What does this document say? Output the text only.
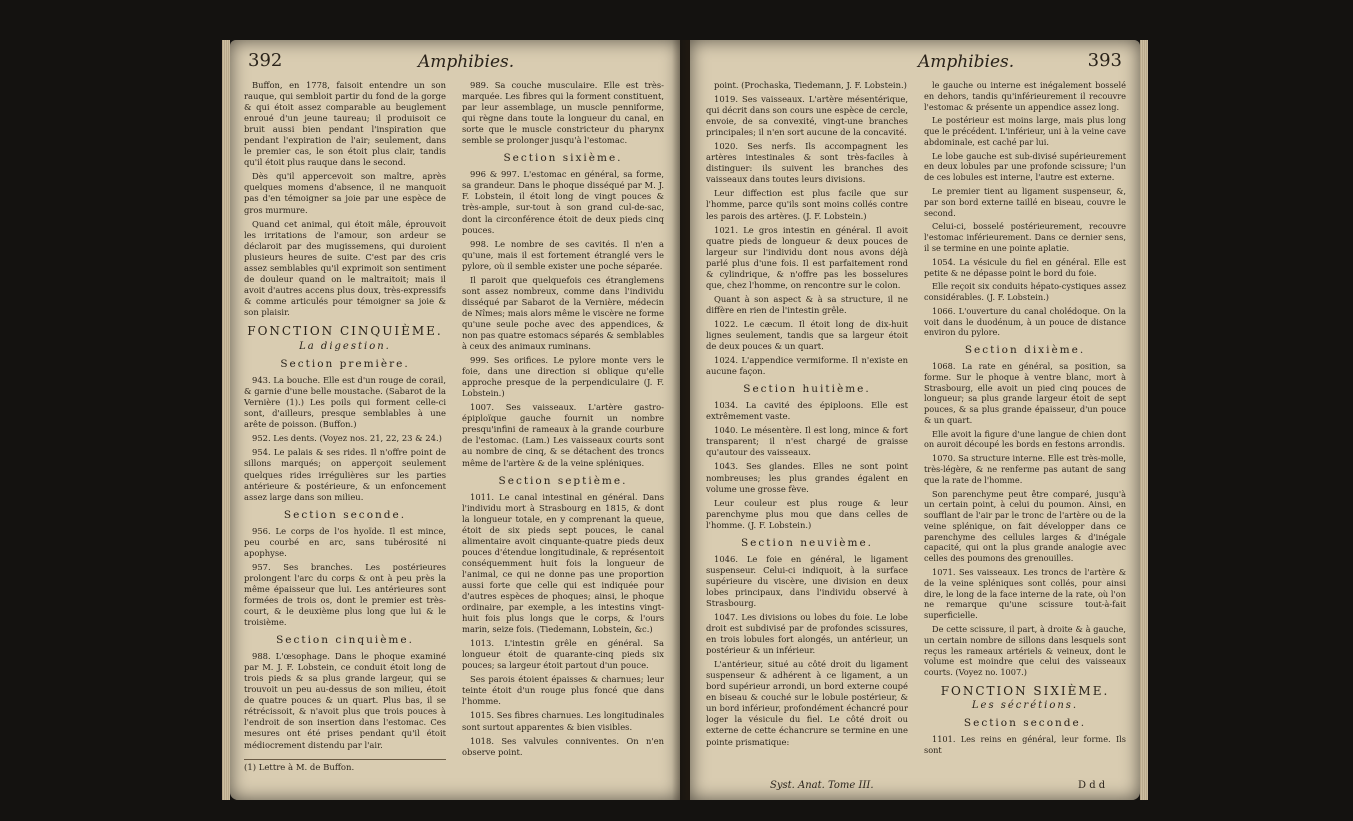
392	Amphibies.

Buffon, en 1778, faisoit entendre un son rauque, qui sembloit partir du fond de la gorge & qui étoit assez comparable au beuglement enroué d'un jeune taureau; il produisoit ce bruit aussi bien pendant l'inspiration que pendant l'expiration de l'air; seulement, dans le premier cas, le son étoit plus clair, tandis qu'il étoit plus rauque dans le second.

Dès qu'il appercevoit son maître, après quelques momens d'absence, il ne manquoit pas d'en témoigner sa joie par une espèce de gros murmure.

Quand cet animal, qui étoit mâle, éprouvoit les irritations de l'amour, son ardeur se déclaroit par des mugissemens, qui duroient plusieurs heures de suite. C'est par des cris assez semblables qu'il exprimoit son sentiment de douleur quand on le maltraitoit; mais il avoit d'autres accens plus doux, très-expressifs & comme articulés pour témoigner sa joie & son plaisir.

FONCTION CINQUIÈME.

La digestion.

Section première.

943. La bouche. Elle est d'un rouge de corail, & garnie d'une belle moustache. (Sabarot de la Vernière (1).) Les poils qui forment celle-ci sont, d'ailleurs, presque semblables à une arête de poisson. (Buffon.)

952. Les dents. (Voyez nos. 21, 22, 23 & 24.)

954. Le palais & ses rides. Il n'offre point de sillons marqués; on apperçoit seulement quelques rides irrégulières sur les parties antérieure & postérieure, & un enfoncement assez large dans son milieu.

Section seconde.

956. Le corps de l'os hyoïde. Il est mince, peu courbé en arc, sans tubérosité ni apophyse.

957. Ses branches. Les postérieures prolongent l'arc du corps & ont à peu près la même épaisseur que lui. Les antérieures sont formées de trois os, dont le premier est très-court, & le deuxième plus long que lui & le troisième.

Section cinquième.

988. L'œsophage. Dans le phoque examiné par M. J. F. Lobstein, ce conduit étoit long de trois pieds & sa plus grande largeur, qui se trouvoit un peu au-dessus de son milieu, étoit de quatre pouces & un quart. Plus bas, il se rétrécissoit, & n'avoit plus que trois pouces à l'endroit de son insertion dans l'estomac. Ces mesures ont été prises pendant qu'il étoit médiocrement distendu par l'air.

(1) Lettre à M. de Buffon.

989. Sa couche musculaire. Elle est très-marquée. Les fibres qui la forment constituent, par leur assemblage, un muscle penniforme, qui règne dans toute la longueur du canal, en sorte que le muscle constricteur du pharynx semble se prolonger jusqu'à l'estomac.

Section sixième.

996 & 997. L'estomac en général, sa forme, sa grandeur. Dans le phoque disséqué par M. J. F. Lobstein, il étoit long de vingt pouces & très-ample, sur-tout à son grand cul-de-sac, dont la circonférence étoit de deux pieds cinq pouces.

998. Le nombre de ses cavités. Il n'en a qu'une, mais il est fortement étranglé vers le pylore, où il semble exister une poche séparée.

Il paroit que quelquefois ces étranglemens sont assez nombreux, comme dans l'individu disséqué par Sabarot de la Vernière, médecin de Nîmes; mais alors même le viscère ne forme qu'une seule poche avec des appendices, & non pas quatre estomacs séparés & semblables à ceux des animaux ruminans.

999. Ses orifices. Le pylore monte vers le foie, dans une direction si oblique qu'elle approche presque de la perpendiculaire (J. F. Lobstein.)

1007. Ses vaisseaux. L'artère gastro-épiploïque gauche fournit un nombre presqu'infini de rameaux à la grande courbure de l'estomac. (Lam.) Les vaisseaux courts sont au nombre de cinq, & se détachent des troncs même de l'artère & de la veine spléniques.

Section septième.

1011. Le canal intestinal en général. Dans l'individu mort à Strasbourg en 1815, & dont la longueur totale, en y comprenant la queue, étoit de six pieds sept pouces, le canal alimentaire avoit cinquante-quatre pieds deux pouces d'étendue longitudinale, & représentoit conséquemment huit fois la longueur de l'animal, ce qui ne donne pas une proportion aussi forte que celle qui est indiquée pour d'autres espèces de phoques; ainsi, le phoque ordinaire, par exemple, a les intestins vingt-huit fois plus longs que le corps, & l'ours marin, seize fois. (Tiedemann, Lobstein, &c.)

1013. L'intestin grêle en général. Sa longueur étoit de quarante-cinq pieds six pouces; sa largeur étoit partout d'un pouce.

Ses parois étoient épaisses & charnues; leur teinte étoit d'un rouge plus foncé que dans l'homme.

1015. Ses fibres charnues. Les longitudinales sont surtout apparentes & bien visibles.

1018. Ses valvules conniventes. On n'en observe point.

Amphibies.	393

point. (Prochaska, Tiedemann, J. F. Lobstein.)

1019. Ses vaisseaux. L'artère mésentérique, qui décrit dans son cours une espèce de cercle, envoie, de sa convexité, vingt-une branches principales; il n'en sort aucune de la concavité.

1020. Ses nerfs. Ils accompagnent les artères intestinales & sont très-faciles à distinguer: ils suivent les branches des vaisseaux dans toutes leurs divisions.

Leur diffection est plus facile que sur l'homme, parce qu'ils sont moins collés contre les parois des artères. (J. F. Lobstein.)

1021. Le gros intestin en général. Il avoit quatre pieds de longueur & deux pouces de largeur sur l'individu dont nous avons déjà parlé plus d'une fois. Il est parfaitement rond & cylindrique, & n'offre pas les bosselures que, chez l'homme, on rencontre sur le colon.

Quant à son aspect & à sa structure, il ne diffère en rien de l'intestin grêle.

1022. Le cæcum. Il étoit long de dix-huit lignes seulement, tandis que sa largeur étoit de deux pouces & un quart.

1024. L'appendice vermiforme. Il n'existe en aucune façon.

Section huitième.

1034. La cavité des épiploons. Elle est extrêmement vaste.

1040. Le mésentère. Il est long, mince & fort transparent; il n'est chargé de graisse qu'autour des vaisseaux.

1043. Ses glandes. Elles ne sont point nombreuses; les plus grandes égalent en volume une grosse fève.

Leur couleur est plus rouge & leur parenchyme plus mou que dans celles de l'homme. (J. F. Lobstein.)

Section neuvième.

1046. Le foie en général, le ligament suspenseur. Celui-ci indiquoit, à la surface supérieure du viscère, une division en deux lobes principaux, dans l'individu observé à Strasbourg.

1047. Les divisions ou lobes du foie. Le lobe droit est subdivisé par de profondes scissures, en trois lobules fort alongés, un antérieur, un postérieur & un inférieur.

L'antérieur, situé au côté droit du ligament suspenseur & adhérent à ce ligament, a un bord supérieur arrondi, un bord externe coupé en biseau & couché sur le lobule postérieur, & un bord inférieur, profondément échancré pour loger la vésicule du fiel. Le côté droit ou externe de cette échancrure se termine en une pointe prismatique:

le gauche ou interne est inégalement bosselé en dehors, tandis qu'inférieurement il recouvre l'estomac & présente un appendice assez long.

Le postérieur est moins large, mais plus long que le précédent. L'inférieur, uni à la veine cave abdominale, est caché par lui.

Le lobe gauche est sub-divisé supérieurement en deux lobules par une profonde scissure; l'un de ces lobules est interne, l'autre est externe.

Le premier tient au ligament suspenseur, &, par son bord externe taillé en biseau, couvre le second.

Celui-ci, bosselé postérieurement, recouvre l'estomac inférieurement. Dans ce dernier sens, il se termine en une pointe aplatie.

1054. La vésicule du fiel en général. Elle est petite & ne dépasse point le bord du foie.

Elle reçoit six conduits hépato-cystiques assez considérables. (J. F. Lobstein.)

1066. L'ouverture du canal cholédoque. On la voit dans le duodénum, à un pouce de distance environ du pylore.

Section dixième.

1068. La rate en général, sa position, sa forme. Sur le phoque à ventre blanc, mort à Strasbourg, elle avoit un pied cinq pouces de longueur; sa plus grande largeur étoit de sept pouces, & sa plus grande épaisseur, d'un pouce & un quart.

Elle avoit la figure d'une langue de chien dont on auroit découpé les bords en festons arrondis.

1070. Sa structure interne. Elle est très-molle, très-légère, & ne renferme pas autant de sang que la rate de l'homme.

Son parenchyme peut être comparé, jusqu'à un certain point, à celui du poumon. Ainsi, en soufflant de l'air par le tronc de l'artère ou de la veine splénique, on fait développer dans ce parenchyme des cellules larges & d'inégale capacité, qui ont la plus grande analogie avec celles des poumons des grenouilles.

1071. Ses vaisseaux. Les troncs de l'artère & de la veine spléniques sont collés, pour ainsi dire, le long de la face interne de la rate, où l'on ne remarque qu'une scissure tout-à-fait superficielle.

De cette scissure, il part, à droite & à gauche, un certain nombre de sillons dans lesquels sont reçus les rameaux artériels & veineux, dont le volume est moindre que celui des vaisseaux courts. (Voyez no. 1007.)

FONCTION SIXIÈME.

Les sécrétions.

Section seconde.

1101. Les reins en général, leur forme. Ils sont

Syst. Anat. Tome III.	D d d
